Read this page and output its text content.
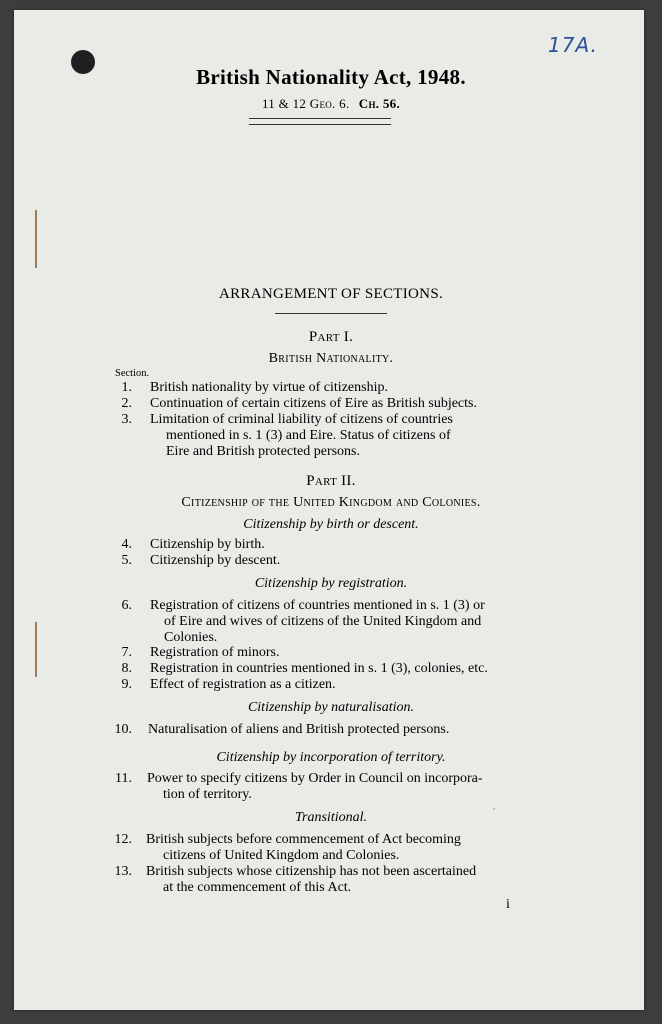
ˈ
17A.
British Nationality Act, 1948.
11 & 12 Geo. 6. Ch. 56.
ARRANGEMENT OF SECTIONS.
Part I.
British Nationality.
Section.
1. British nationality by virtue of citizenship.
2. Continuation of certain citizens of Eire as British subjects.
3. Limitation of criminal liability of citizens of countries
mentioned in s. 1 (3) and Eire. Status of citizens of
Eire and British protected persons.
Part II.
Citizenship of the United Kingdom and Colonies.
Citizenship by birth or descent.
4. Citizenship by birth.
5. Citizenship by descent.
Citizenship by registration.
6. Registration of citizens of countries mentioned in s. 1 (3) or
of Eire and wives of citizens of the United Kingdom and
Colonies.
7. Registration of minors.
8. Registration in countries mentioned in s. 1 (3), colonies, etc.
9. Effect of registration as a citizen.
Citizenship by naturalisation.
10. Naturalisation of aliens and British protected persons.
Citizenship by incorporation of territory.
11. Power to specify citizens by Order in Council on incorpora-
tion of territory.
Transitional.
12. British subjects before commencement of Act becoming
citizens of United Kingdom and Colonies.
13. British subjects whose citizenship has not been ascertained
at the commencement of this Act.
i
